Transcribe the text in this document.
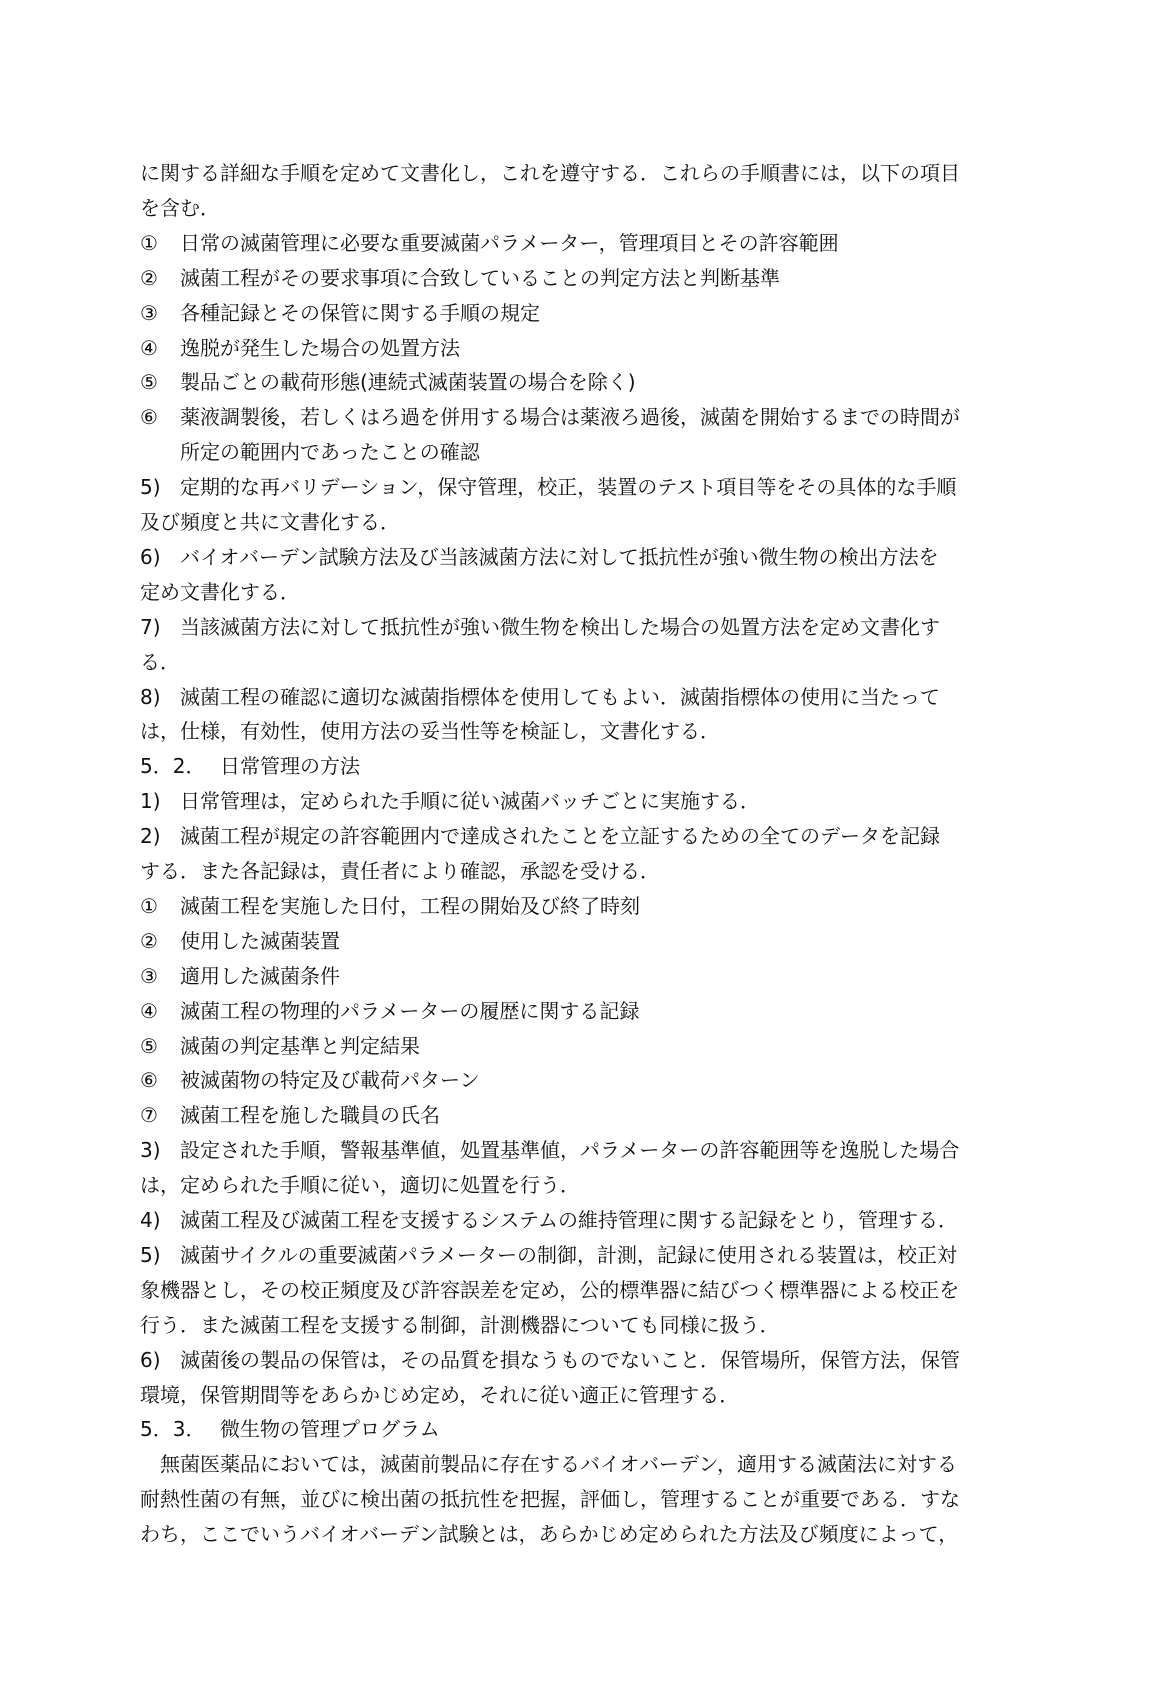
に関する詳細な手順を定めて文書化し，これを遵守する．これらの手順書には，以下の項目
を含む．
① 日常の滅菌管理に必要な重要滅菌パラメーター，管理項目とその許容範囲
② 滅菌工程がその要求事項に合致していることの判定方法と判断基準
③ 各種記録とその保管に関する手順の規定
④ 逸脱が発生した場合の処置方法
⑤ 製品ごとの載荷形態(連続式滅菌装置の場合を除く)
⑥ 薬液調製後，若しくはろ過を併用する場合は薬液ろ過後，滅菌を開始するまでの時間が
所定の範囲内であったことの確認
5) 定期的な再バリデーション，保守管理，校正，装置のテスト項目等をその具体的な手順
及び頻度と共に文書化する．
6) バイオバーデン試験方法及び当該滅菌方法に対して抵抗性が強い微生物の検出方法を
定め文書化する．
7) 当該滅菌方法に対して抵抗性が強い微生物を検出した場合の処置方法を定め文書化す
る．
8) 滅菌工程の確認に適切な滅菌指標体を使用してもよい．滅菌指標体の使用に当たって
は，仕様，有効性，使用方法の妥当性等を検証し，文書化する．
5．2． 日常管理の方法
1) 日常管理は，定められた手順に従い滅菌バッチごとに実施する．
2) 滅菌工程が規定の許容範囲内で達成されたことを立証するための全てのデータを記録
する．また各記録は，責任者により確認，承認を受ける．
① 滅菌工程を実施した日付，工程の開始及び終了時刻
② 使用した滅菌装置
③ 適用した滅菌条件
④ 滅菌工程の物理的パラメーターの履歴に関する記録
⑤ 滅菌の判定基準と判定結果
⑥ 被滅菌物の特定及び載荷パターン
⑦ 滅菌工程を施した職員の氏名
3) 設定された手順，警報基準値，処置基準値，パラメーターの許容範囲等を逸脱した場合
は，定められた手順に従い，適切に処置を行う．
4) 滅菌工程及び滅菌工程を支援するシステムの維持管理に関する記録をとり，管理する．
5) 滅菌サイクルの重要滅菌パラメーターの制御，計測，記録に使用される装置は，校正対
象機器とし，その校正頻度及び許容誤差を定め，公的標準器に結びつく標準器による校正を
行う．また滅菌工程を支援する制御，計測機器についても同様に扱う．
6) 滅菌後の製品の保管は，その品質を損なうものでないこと．保管場所，保管方法，保管
環境，保管期間等をあらかじめ定め，それに従い適正に管理する．
5．3． 微生物の管理プログラム
無菌医薬品においては，滅菌前製品に存在するバイオバーデン，適用する滅菌法に対する
耐熱性菌の有無，並びに検出菌の抵抗性を把握，評価し，管理することが重要である．すな
わち，ここでいうバイオバーデン試験とは，あらかじめ定められた方法及び頻度によって，
